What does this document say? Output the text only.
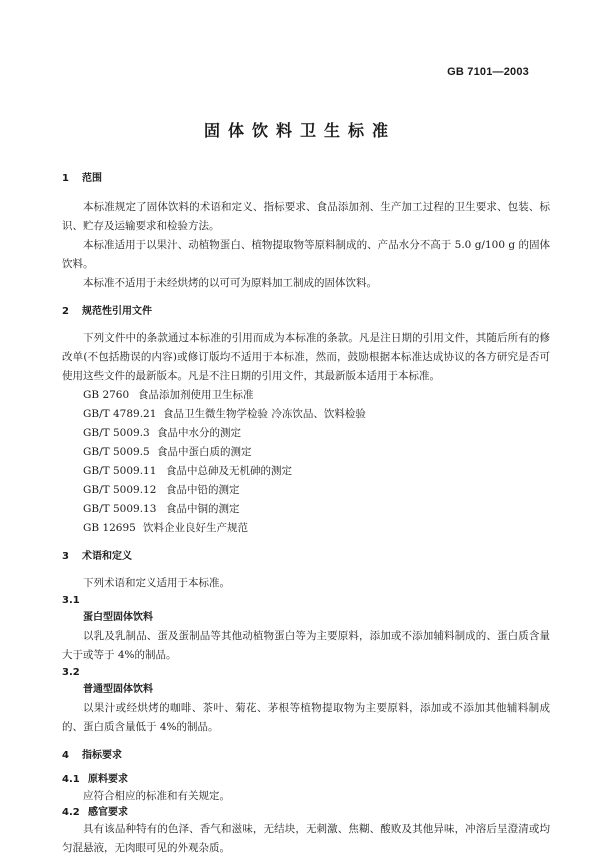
GB 7101—2003
固体饮料卫生标准
1 范围

本标准规定了固体饮料的术语和定义、指标要求、食品添加剂、生产加工过程的卫生要求、包装、标识、贮存及运输要求和检验方法。

本标准适用于以果汁、动植物蛋白、植物提取物等原料制成的、产品水分不高于 5.0 g/100 g 的固体饮料。

本标准不适用于未经烘烤的以可可为原料加工制成的固体饮料。

2 规范性引用文件

下列文件中的条款通过本标准的引用而成为本标准的条款。凡是注日期的引用文件，其随后所有的修改单(不包括勘误的内容)或修订版均不适用于本标准，然而，鼓励根据本标准达成协议的各方研究是否可使用这些文件的最新版本。凡是不注日期的引用文件，其最新版本适用于本标准。

GB 2760 食品添加剂使用卫生标准

GB/T 4789.21 食品卫生微生物学检验 冷冻饮品、饮料检验

GB/T 5009.3 食品中水分的测定

GB/T 5009.5 食品中蛋白质的测定

GB/T 5009.11 食品中总砷及无机砷的测定

GB/T 5009.12 食品中铅的测定

GB/T 5009.13 食品中铜的测定

GB 12695 饮料企业良好生产规范

3 术语和定义

下列术语和定义适用于本标准。

3.1

蛋白型固体饮料

以乳及乳制品、蛋及蛋制品等其他动植物蛋白等为主要原料，添加或不添加辅料制成的、蛋白质含量大于或等于 4%的制品。

3.2

普通型固体饮料

以果汁或经烘烤的咖啡、茶叶、菊花、茅根等植物提取物为主要原料，添加或不添加其他辅料制成的、蛋白质含量低于 4%的制品。

4 指标要求
4.1 原料要求

应符合相应的标准和有关规定。

4.2 感官要求

具有该品种特有的色泽、香气和滋味，无结块，无刺激、焦糊、酸败及其他异味，冲溶后呈澄清或均匀混悬液，无肉眼可见的外观杂质。
